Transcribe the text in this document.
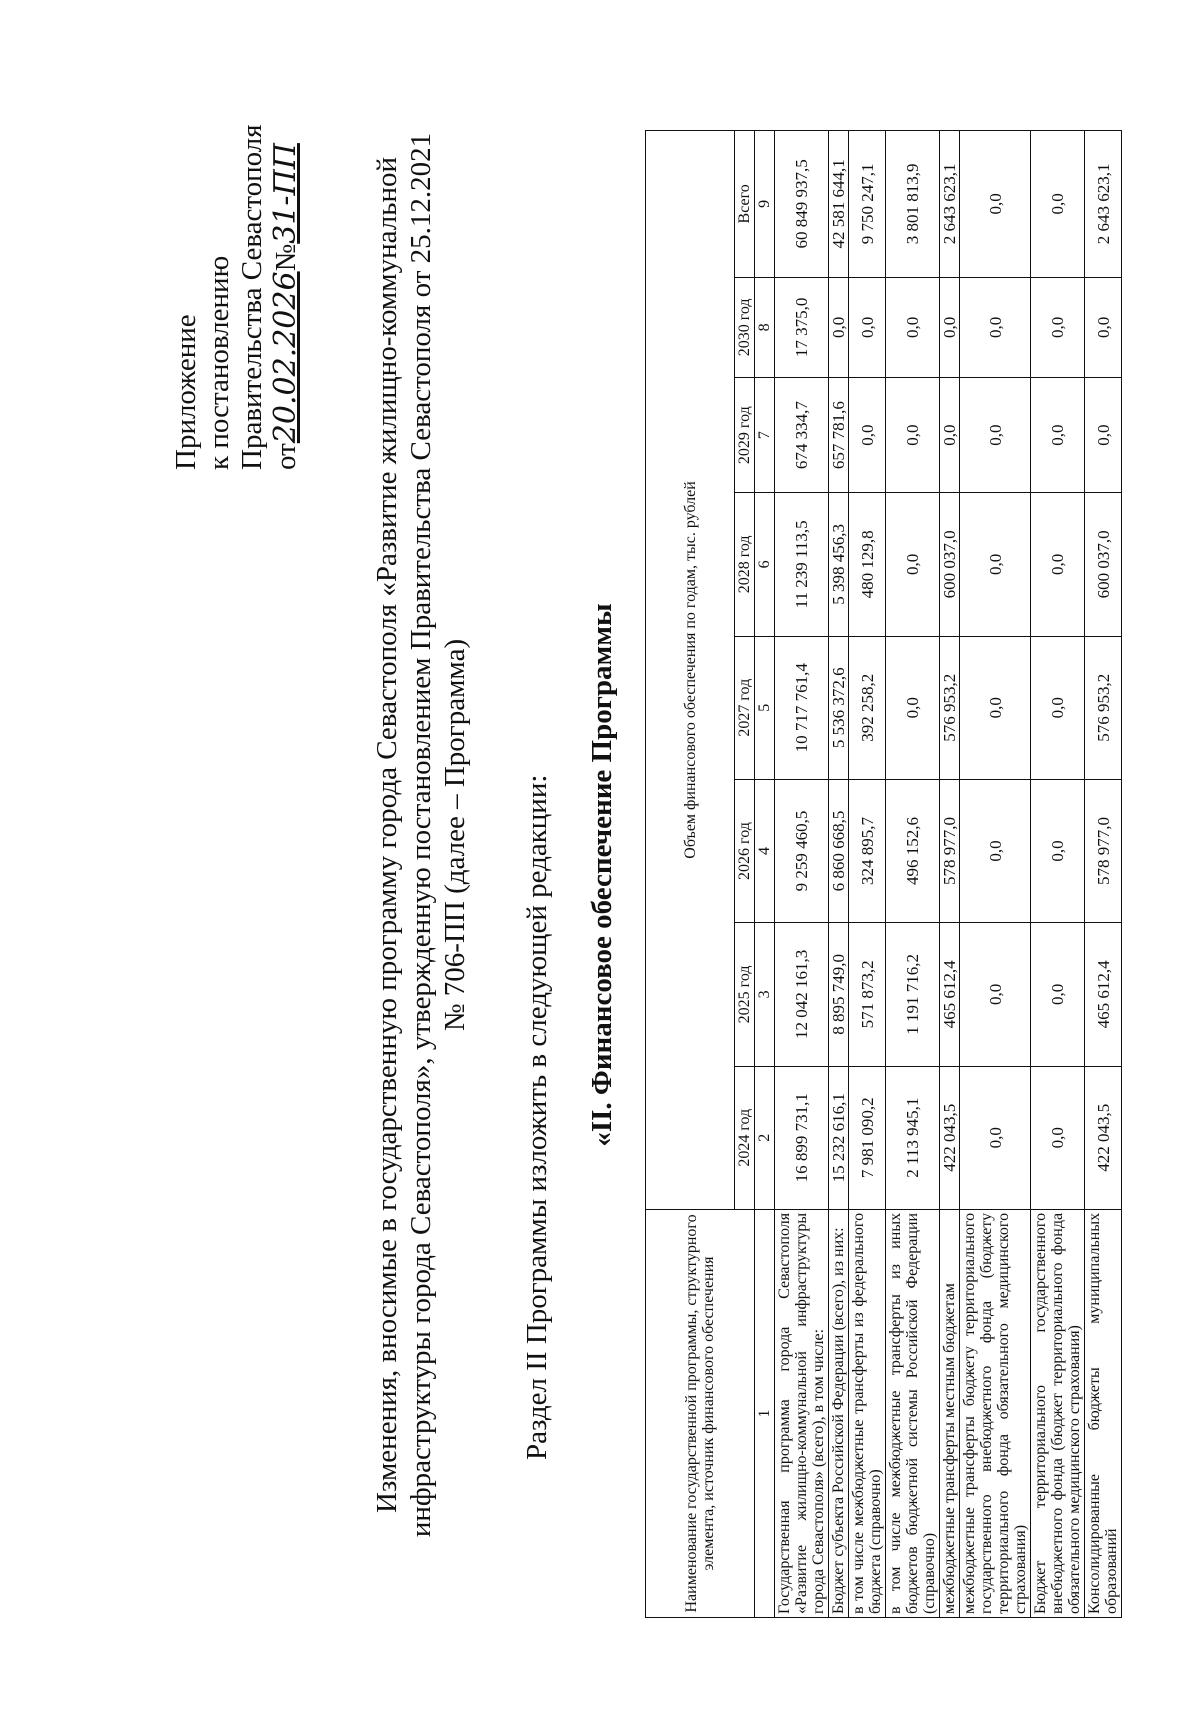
Приложение к постановлению Правительства Севастополя от20.02.2026№31-ПП Изменения, вносимые в государственную программу города Севастополя «Развитие жилищно-коммунальной инфраструктуры города Севастополя», утвержденную постановлением Правительства Севастополя от 25.12.2021 № 706-ПП (далее – Программа) Раздел II Программы изложить в следующей редакции: «II. Финансовое обеспечение Программы
Наименование государственной программы, структурного элемента, источник финансового обеспечения	Объем финансового обеспечения по годам, тыс. рублей							
	2024 год	2025 год	2026 год	2027 год	2028 год	2029 год	2030 год	Всего
1	2	3	4	5	6	7	8	9
Государственная программа города Севастополя «Развитие жилищно-коммунальной инфраструктуры города Севастополя» (всего), в том числе:	16 899 731,1	12 042 161,3	9 259 460,5	10 717 761,4	11 239 113,5	674 334,7	17 375,0	60 849 937,5
Бюджет субъекта Российской Федерации (всего), из них:	15 232 616,1	8 895 749,0	6 860 668,5	5 536 372,6	5 398 456,3	657 781,6	0,0	42 581 644,1
в том числе межбюджетные трансферты из федерального бюджета (справочно)	7 981 090,2	571 873,2	324 895,7	392 258,2	480 129,8	0,0	0,0	9 750 247,1
в том числе межбюджетные трансферты из иных бюджетов бюджетной системы Российской Федерации (справочно)	2 113 945,1	1 191 716,2	496 152,6	0,0	0,0	0,0	0,0	3 801 813,9
межбюджетные трансферты местным бюджетам	422 043,5	465 612,4	578 977,0	576 953,2	600 037,0	0,0	0,0	2 643 623,1
межбюджетные трансферты бюджету территориального государственного внебюджетного фонда (бюджету территориального фонда обязательного медицинского страхования)	0,0	0,0	0,0	0,0	0,0	0,0	0,0	0,0
Бюджет территориального государственного внебюджетного фонда (бюджет территориального фонда обязательного медицинского страхования)	0,0	0,0	0,0	0,0	0,0	0,0	0,0	0,0
Консолидированные бюджеты муниципальных образований	422 043,5	465 612,4	578 977,0	576 953,2	600 037,0	0,0	0,0	2 643 623,1
